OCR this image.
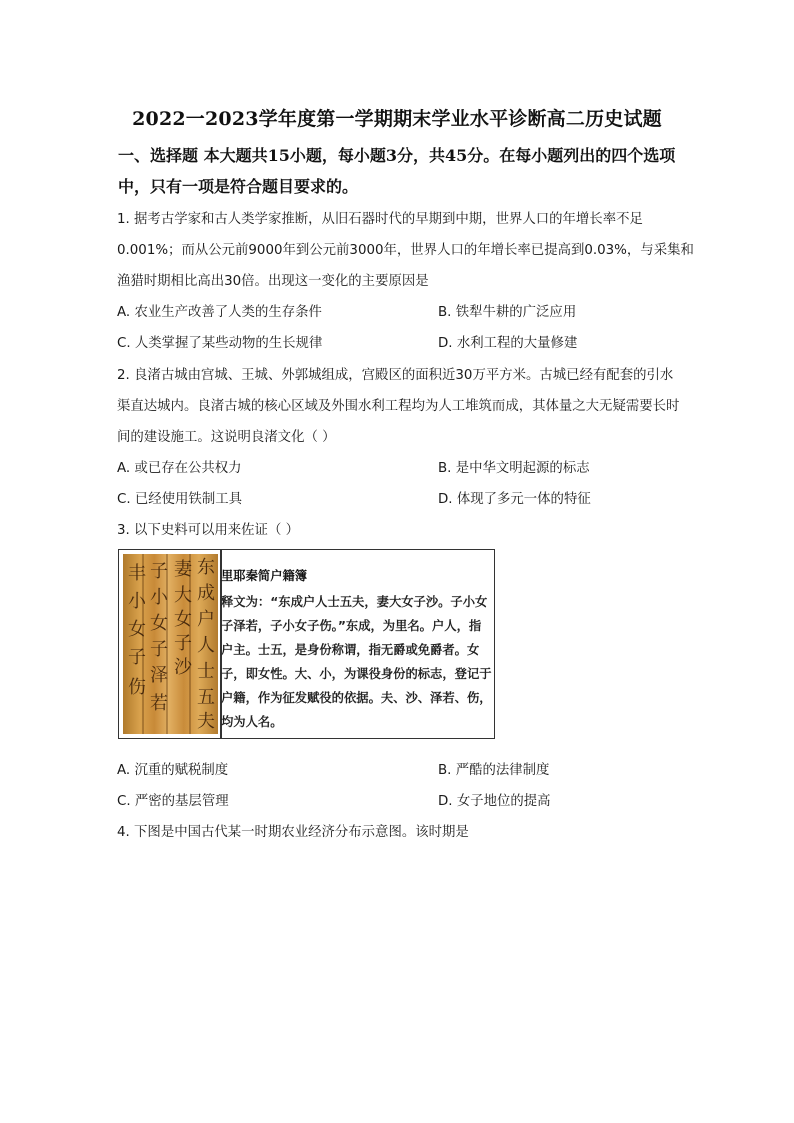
2022一2023学年度第一学期期末学业水平诊断高二历史试题
一、选择题 本大题共15小题，每小题3分，共45分。在每小题列出的四个选项中，只有一项是符合题目要求的。
1. 据考古学家和古人类学家推断，从旧石器时代的早期到中期，世界人口的年增长率不足
0.001%；而从公元前9000年到公元前3000年，世界人口的年增长率已提高到0.03%，与采集和
渔猎时期相比高出30倍。出现这一变化的主要原因是
A. 农业生产改善了人类的生存条件	B. 铁犁牛耕的广泛应用
C. 人类掌握了某些动物的生长规律	D. 水利工程的大量修建
2. 良渚古城由宫城、王城、外郭城组成，宫殿区的面积近30万平方米。古城已经有配套的引水
渠直达城内。良渚古城的核心区域及外围水利工程均为人工堆筑而成，其体量之大无疑需要长时
间的建设施工。这说明良渚文化（ ）
A. 或已存在公共权力	B. 是中华文明起源的标志
C. 已经使用铁制工具	D. 体现了多元一体的特征
3. 以下史料可以用来佐证（ ）
丰
小
女
子
伤
子
小
女
子
泽
若
妻
大
女
子
沙
东
成
户
人
士
五
夫
里耶秦简户籍簿
释文为：“东成户人士五夫，妻大女子沙。子小女子泽若，子小女子伤。”东成，为里名。户人，指户主。士五，是身份称谓，指无爵或免爵者。女子，即女性。大、小，为课役身份的标志，登记于户籍，作为征发赋役的依据。夫、沙、泽若、伤，均为人名。
A. 沉重的赋税制度	B. 严酷的法律制度
C. 严密的基层管理	D. 女子地位的提高
4. 下图是中国古代某一时期农业经济分布示意图。该时期是
